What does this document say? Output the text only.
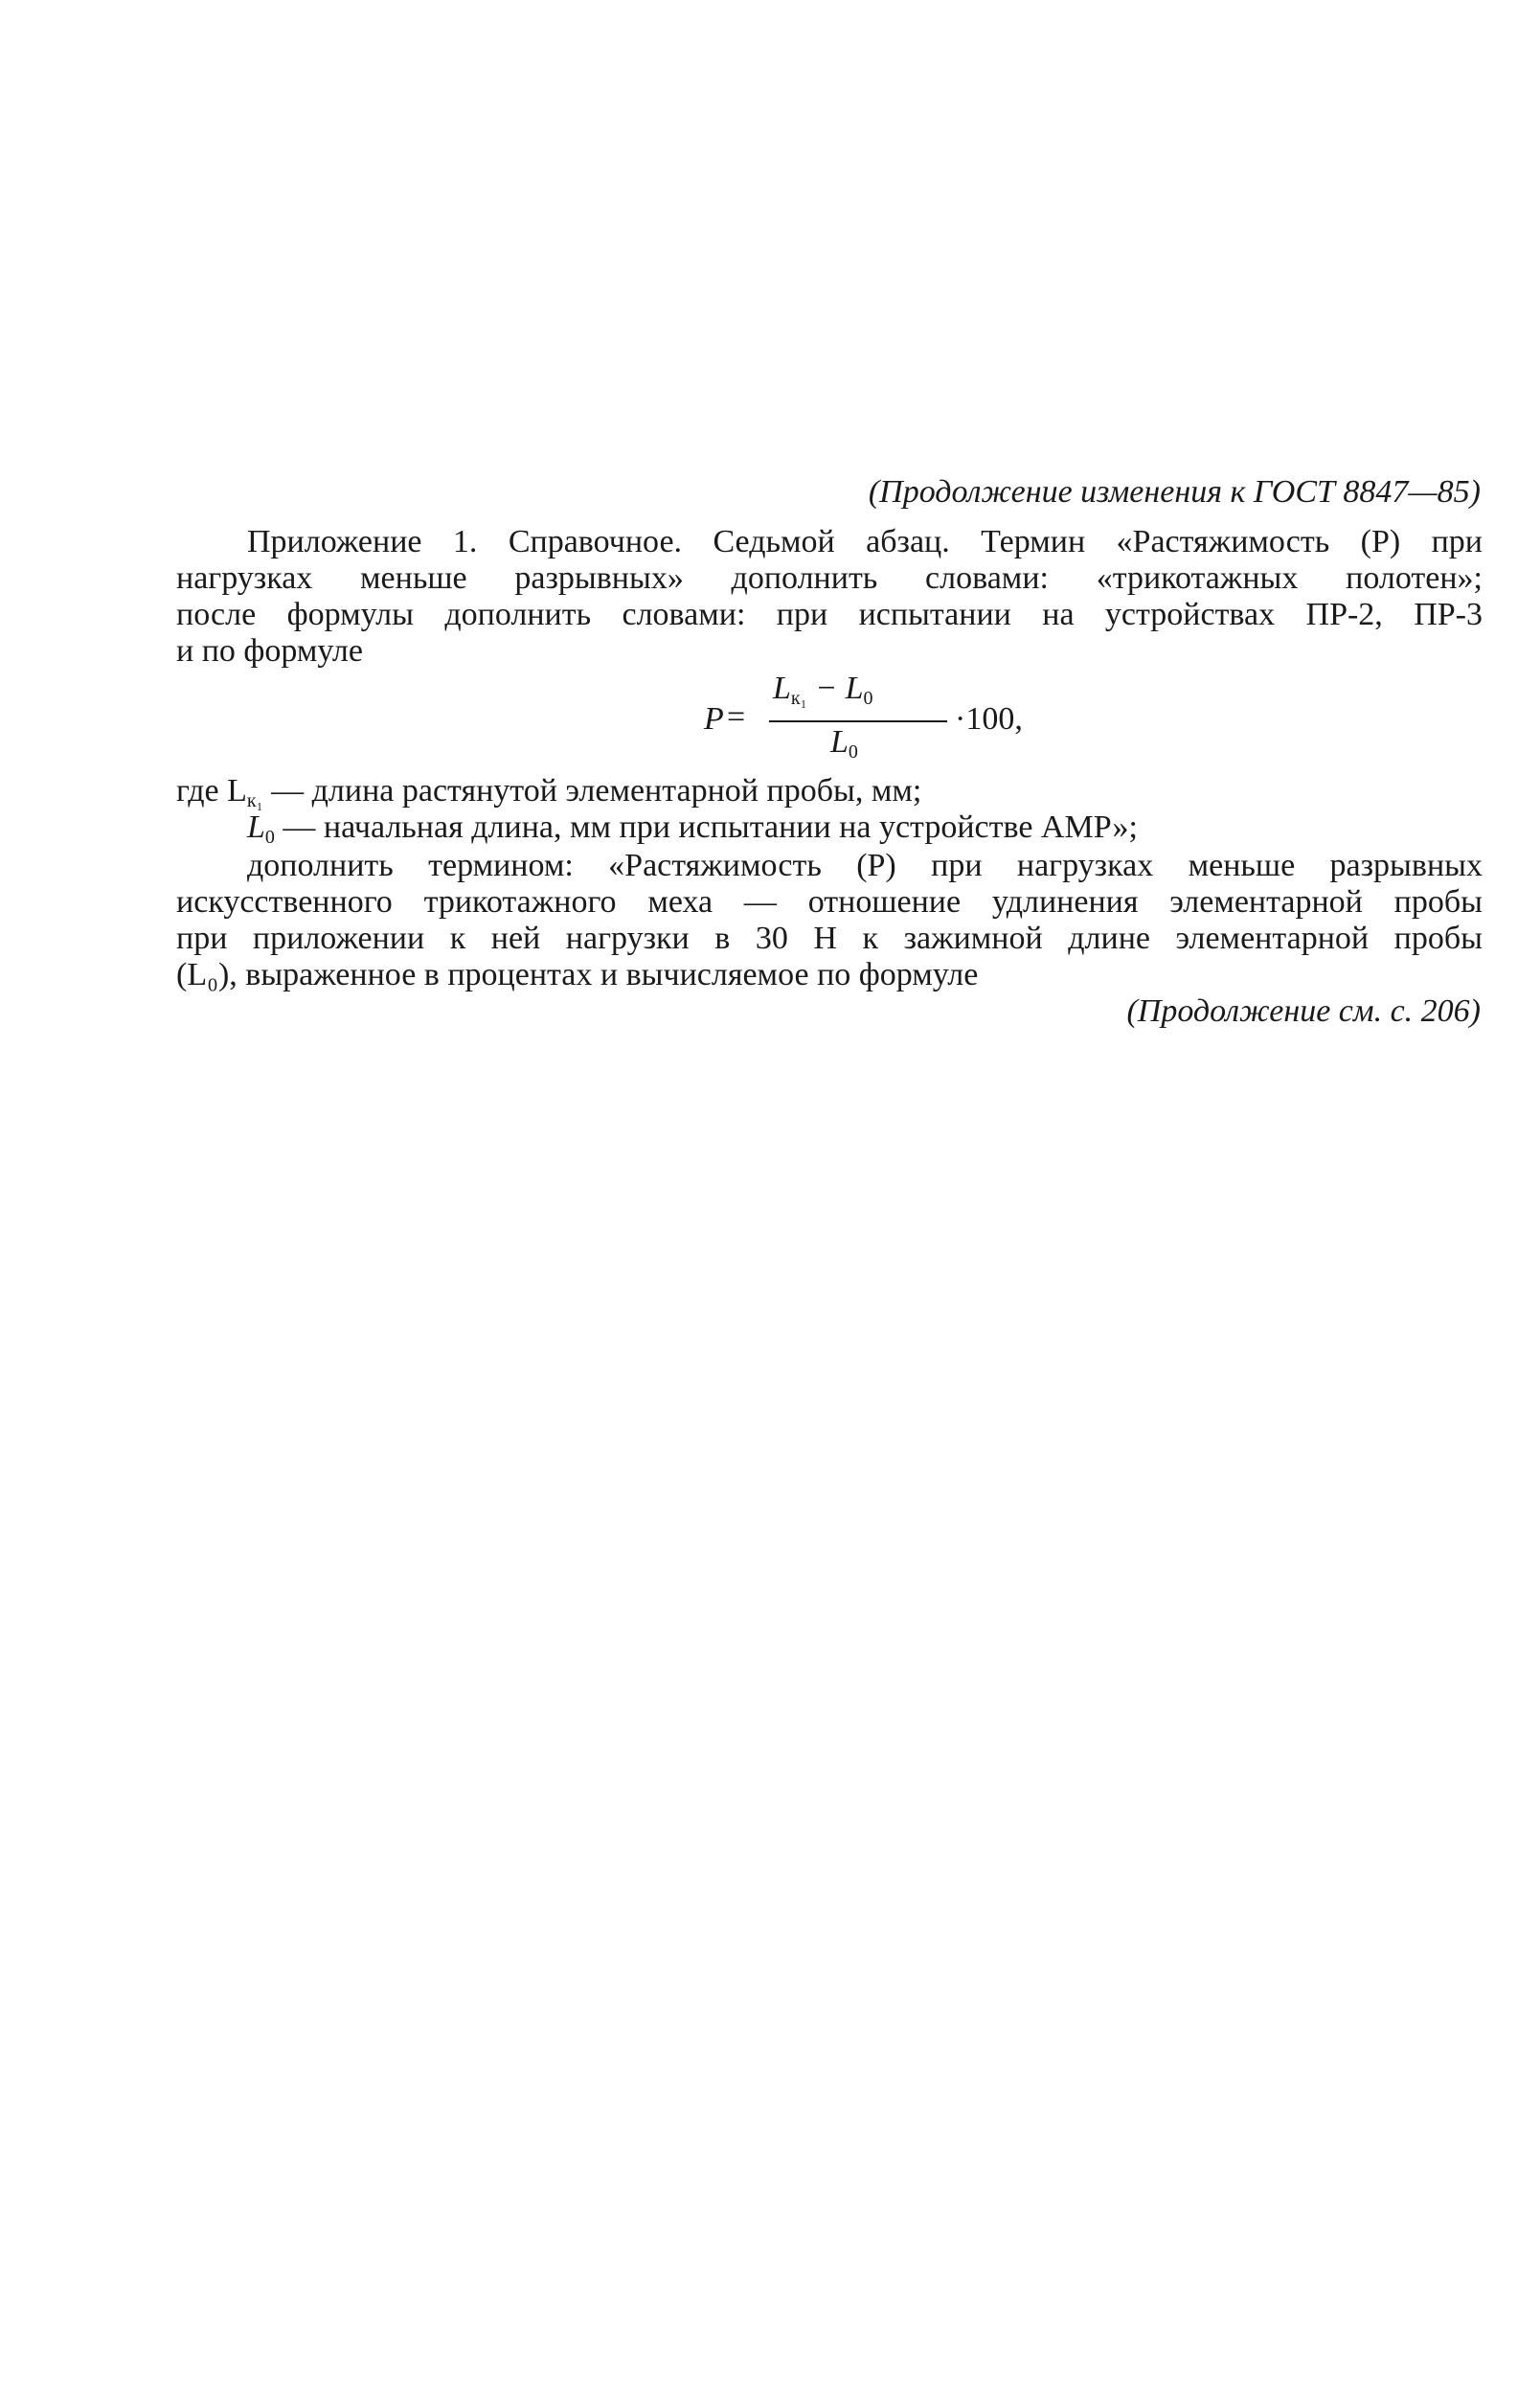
(Продолжение изменения к ГОСТ 8847—85)
Приложение 1. Справочное. Седьмой абзац. Термин «Растяжимость (Р) при
нагрузках меньше разрывных» дополнить словами: «трикотажных полотен»;
после формулы дополнить словами: при испытании на устройствах ПР-2, ПР-3
и по формуле
P =
$L_{к_1} - L_0$
$L_0$
·100,
где $L_{к_1}$ — длина растянутой элементарной пробы, мм;
$L_0$ — начальная длина, мм при испытании на устройстве АМР»;
дополнить термином: «Растяжимость (Р) при нагрузках меньше разрывных
искусственного трикотажного меха — отношение удлинения элементарной пробы
при приложении к ней нагрузки в 30 Н к зажимной длине элементарной пробы
(L₀), выраженное в процентах и вычисляемое по формуле
(Продолжение см. с. 206)
